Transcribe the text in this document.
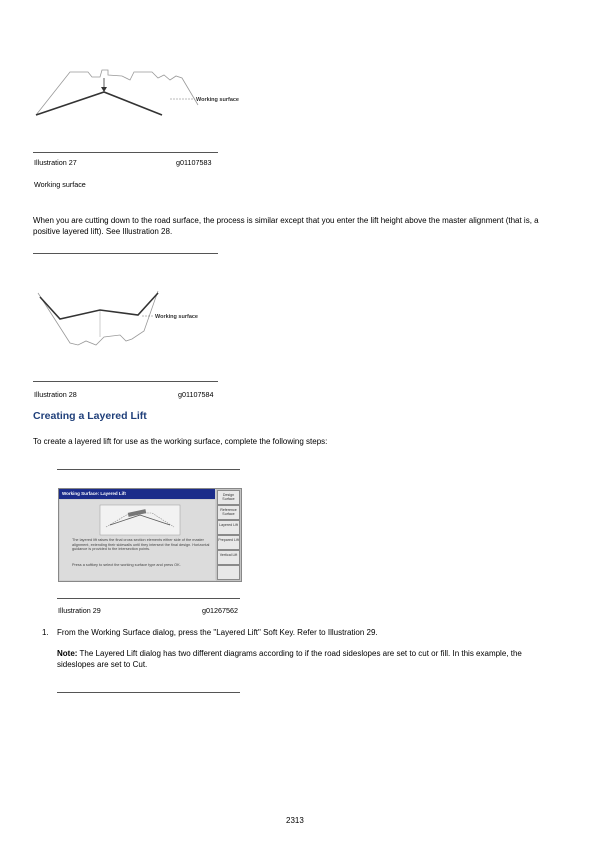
Working surface
Illustration 27	g01107583
Working surface
When you are cutting down to the road surface, the process is similar except that you enter the lift height above the master alignment (that is, a positive layered lift). See Illustration 28.
Working surface
Illustration 28	g01107584
Creating a Layered Lift
To create a layered lift for use as the working surface, complete the following steps:
Working Surface: Layered Lift
The layered lift raises the final cross section elements either side of the master alignment, extending their sidewalls until they intersect the final design. Horizontal guidance is provided to the intersection points.
Press a softkey to select the working surface type and press OK.
Design Surface
Reference Surface
Layered Lift
Prepared Lift
Vertical Lift
Illustration 29	g01267562
1. From the Working Surface dialog, press the "Layered Lift" Soft Key. Refer to Illustration 29.
Note: The Layered Lift dialog has two different diagrams according to if the road sideslopes are set to cut or fill. In this example, the sideslopes are set to Cut.
2313
